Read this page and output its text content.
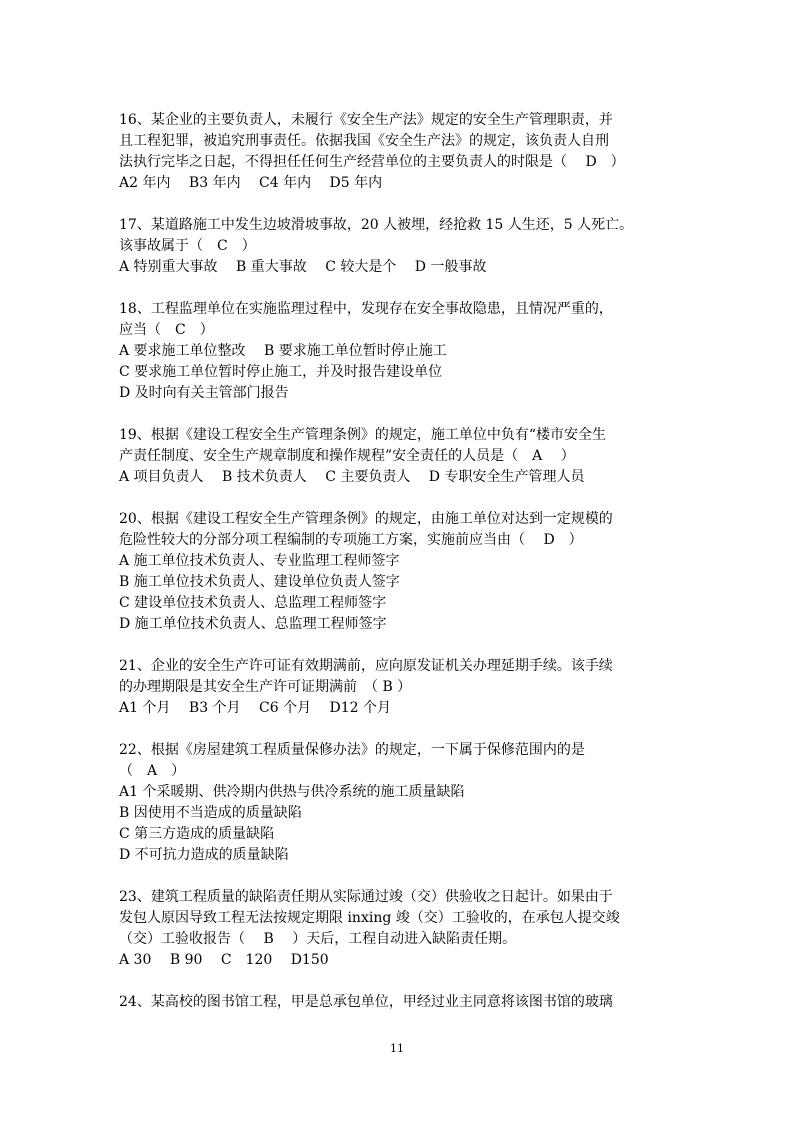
16、某企业的主要负责人，未履行《安全生产法》规定的安全生产管理职责，并
且工程犯罪，被追究刑事责任。依据我国《安全生产法》的规定，该负责人自刑
法执行完毕之日起，不得担任任何生产经营单位的主要负责人的时限是（　 D　）
A2 年内　 B3 年内　 C4 年内　 D5 年内
17、某道路施工中发生边坡滑坡事故，20 人被埋，经抢救 15 人生还，5 人死亡。
该事故属于（　C　）
A 特别重大事故　 B 重大事故　 C 较大是个　 D 一般事故
18、工程监理单位在实施监理过程中，发现存在安全事故隐患，且情况严重的，
应当（　C　）
A 要求施工单位整改　 B 要求施工单位暂时停止施工
C 要求施工单位暂时停止施工，并及时报告建设单位
D 及时向有关主管部门报告
19、根据《建设工程安全生产管理条例》的规定，施工单位中负有“楼市安全生
产责任制度、安全生产规章制度和操作规程”安全责任的人员是（　A　 ）
A 项目负责人　 B 技术负责人　 C 主要负责人　 D 专职安全生产管理人员
20、根据《建设工程安全生产管理条例》的规定，由施工单位对达到一定规模的
危险性较大的分部分项工程编制的专项施工方案，实施前应当由（　 D　）
A 施工单位技术负责人、专业监理工程师签字
B 施工单位技术负责人、建设单位负责人签字
C 建设单位技术负责人、总监理工程师签字
D 施工单位技术负责人、总监理工程师签字
21、企业的安全生产许可证有效期满前，应向原发证机关办理延期手续。该手续
的办理期限是其安全生产许可证期满前　（ B ）
A1 个月　 B3 个月　 C6 个月　 D12 个月
22、根据《房屋建筑工程质量保修办法》的规定，一下属于保修范围内的是
（　A　）
A1 个采暖期、供冷期内供热与供冷系统的施工质量缺陷
B 因使用不当造成的质量缺陷
C 第三方造成的质量缺陷
D 不可抗力造成的质量缺陷
23、建筑工程质量的缺陷责任期从实际通过竣（交）供验收之日起计。如果由于
发包人原因导致工程无法按规定期限 inxing 竣（交）工验收的，在承包人提交竣
（交）工验收报告（　 B　 ）天后，工程自动进入缺陷责任期。
A 30　 B 90　 C　120　 D150
24、某高校的图书馆工程，甲是总承包单位，甲经过业主同意将该图书馆的玻璃
11
